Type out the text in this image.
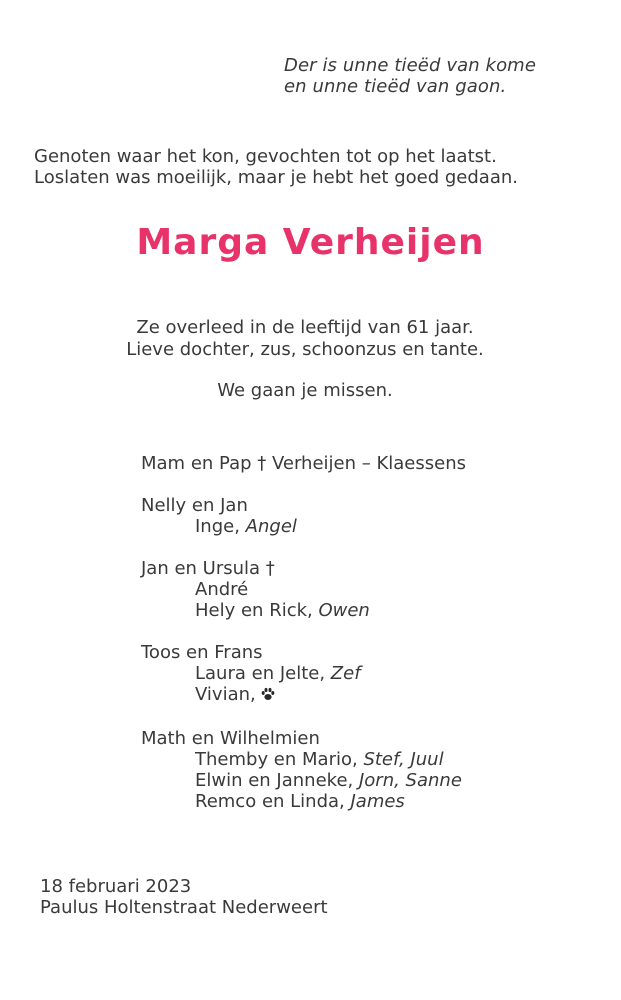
Der is unne tieëd van kome
en unne tieëd van gaon.
Genoten waar het kon, gevochten tot op het laatst.
Loslaten was moeilijk, maar je hebt het goed gedaan.
Marga Verheijen
Ze overleed in de leeftijd van 61 jaar.
Lieve dochter, zus, schoonzus en tante.
We gaan je missen.
Mam en Pap † Verheijen – Klaessens
Nelly en Jan
Inge, Angel
Jan en Ursula †
André
Hely en Rick, Owen
Toos en Frans
Laura en Jelte, Zef
Vivian,
Math en Wilhelmien
Themby en Mario, Stef, Juul
Elwin en Janneke, Jorn, Sanne
Remco en Linda, James
18 februari 2023
Paulus Holtenstraat Nederweert
